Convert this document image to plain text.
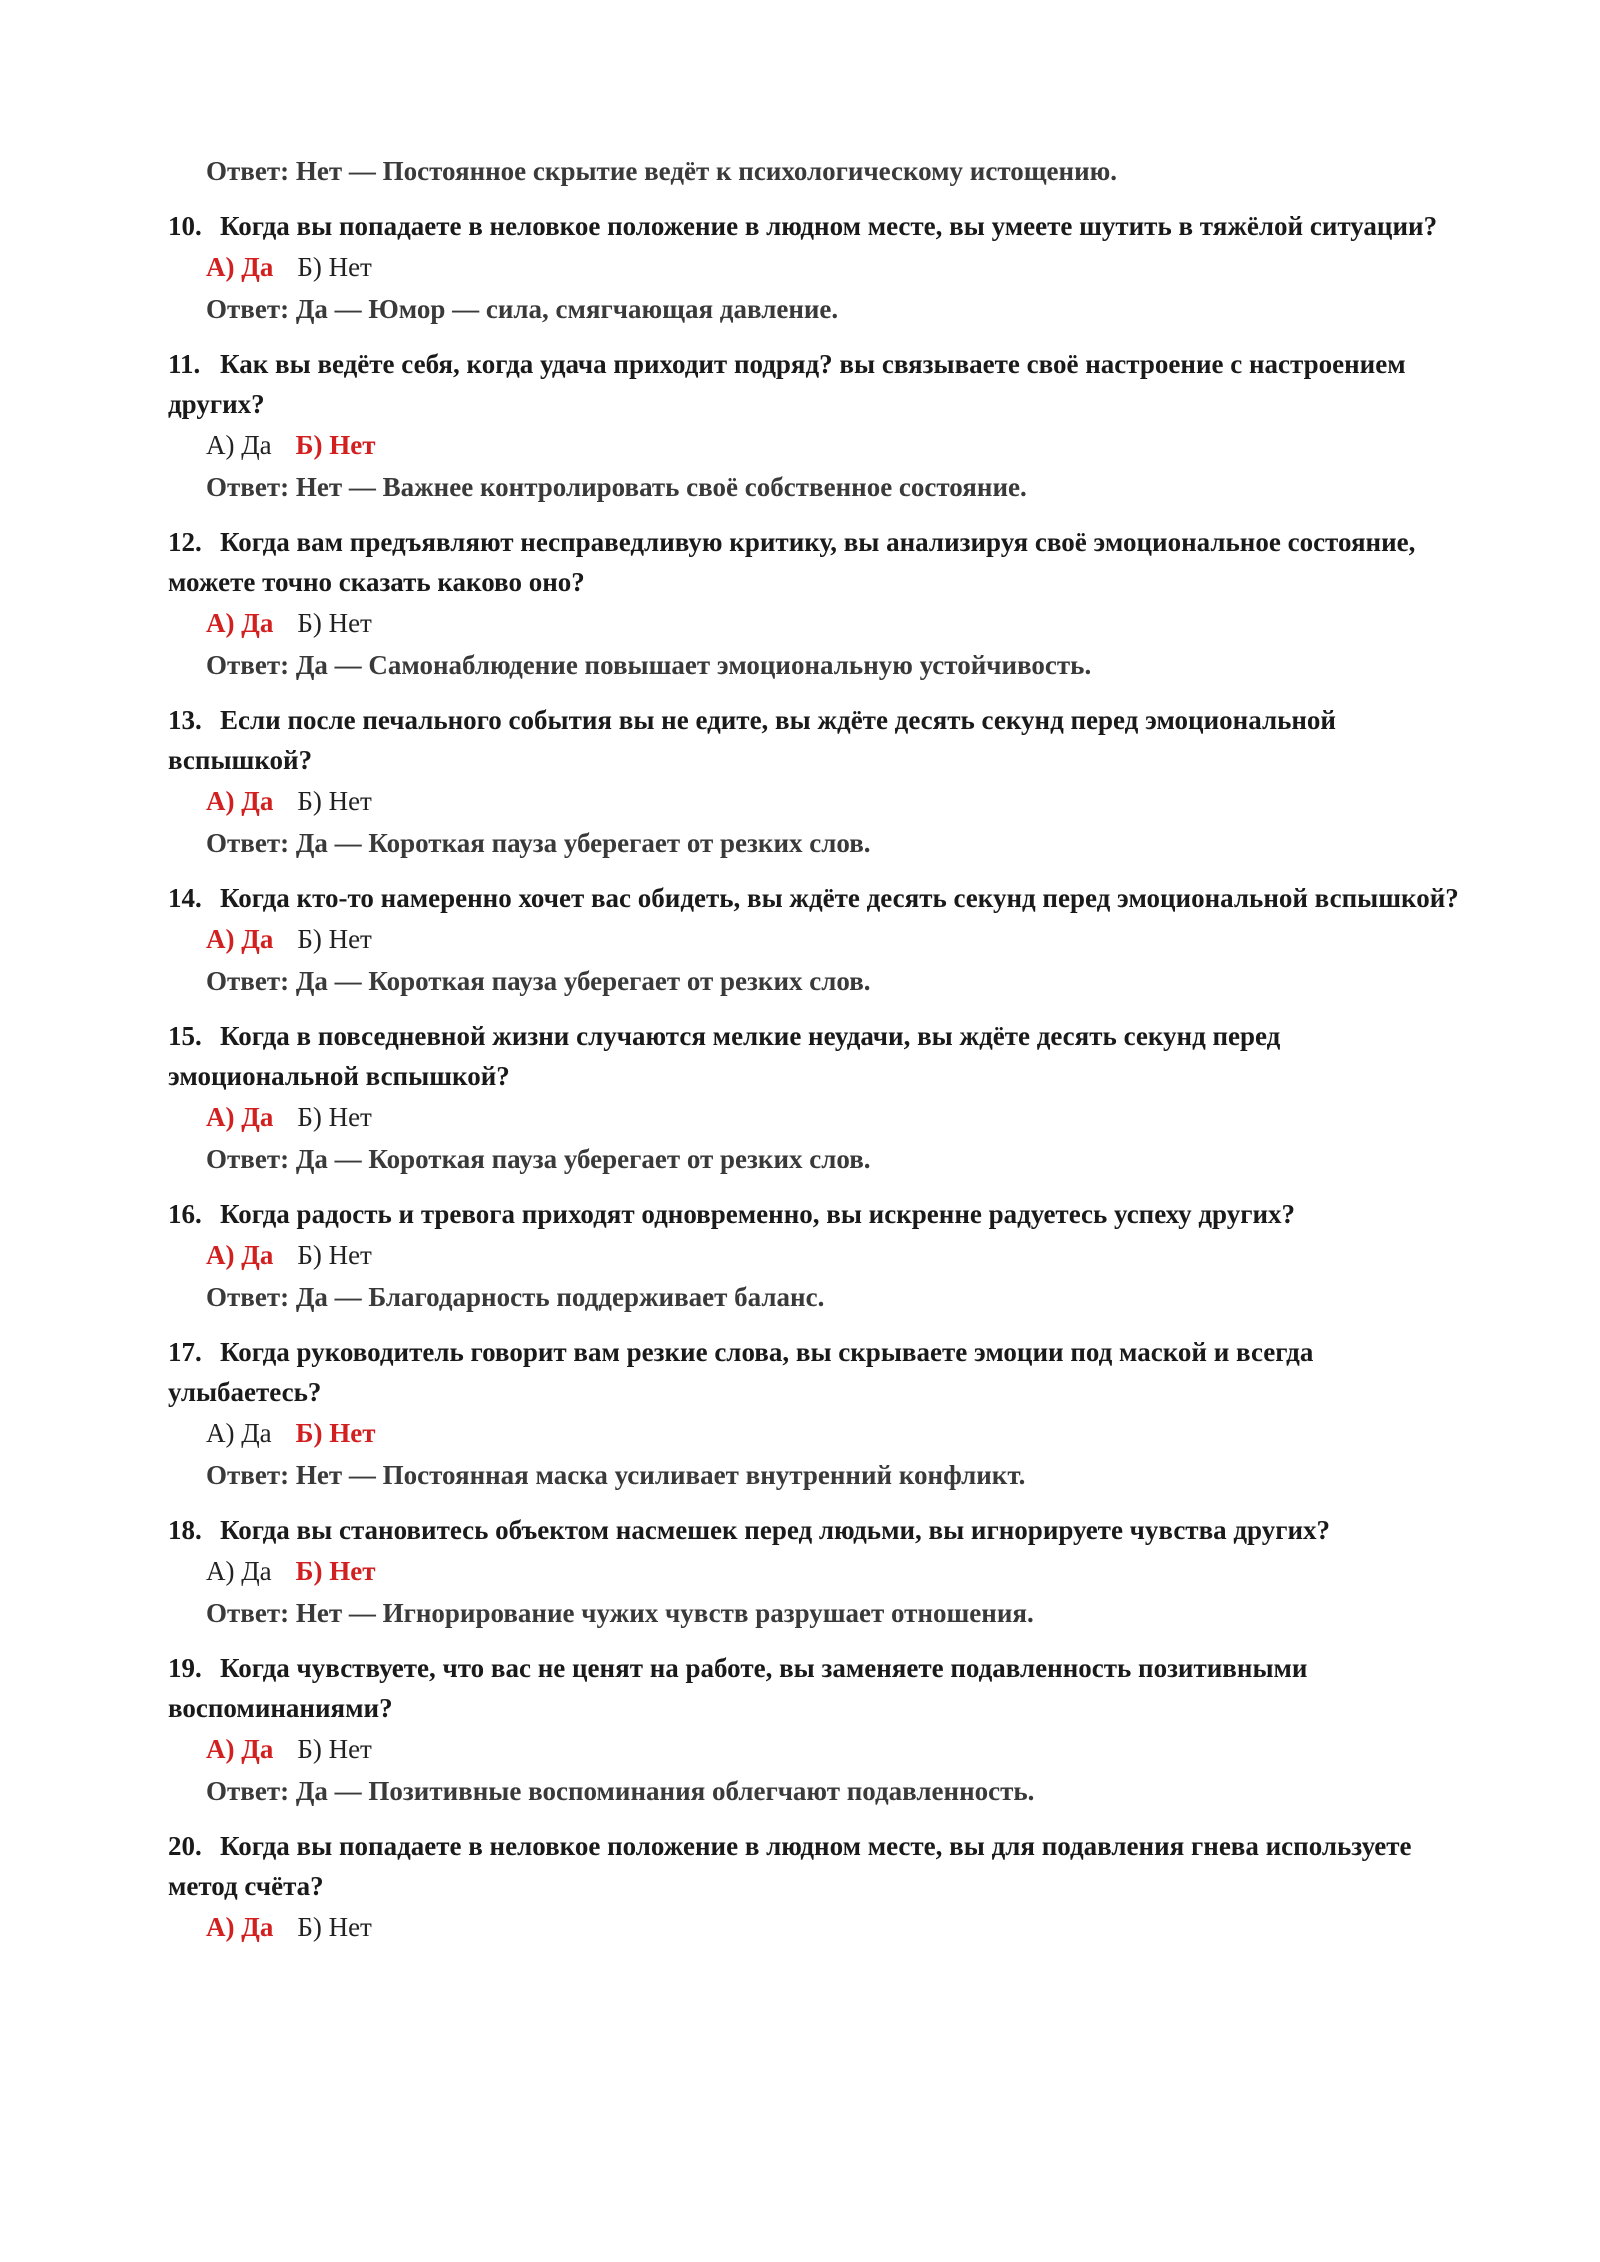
Ответ: Нет — Постоянное скрытие ведёт к психологическому истощению.
10. Когда вы попадаете в неловкое положение в людном месте, вы умеете шутить в тяжёлой ситуации?
А) Да Б) Нет
Ответ: Да — Юмор — сила, смягчающая давление.
11. Как вы ведёте себя, когда удача приходит подряд? вы связываете своё настроение с настроением других?
А) Да Б) Нет
Ответ: Нет — Важнее контролировать своё собственное состояние.
12. Когда вам предъявляют несправедливую критику, вы анализируя своё эмоциональное состояние, можете точно сказать каково оно?
А) Да Б) Нет
Ответ: Да — Самонаблюдение повышает эмоциональную устойчивость.
13. Если после печального события вы не едите, вы ждёте десять секунд перед эмоциональной вспышкой?
А) Да Б) Нет
Ответ: Да — Короткая пауза уберегает от резких слов.
14. Когда кто-то намеренно хочет вас обидеть, вы ждёте десять секунд перед эмоциональной вспышкой?
А) Да Б) Нет
Ответ: Да — Короткая пауза уберегает от резких слов.
15. Когда в повседневной жизни случаются мелкие неудачи, вы ждёте десять секунд перед эмоциональной вспышкой?
А) Да Б) Нет
Ответ: Да — Короткая пауза уберегает от резких слов.
16. Когда радость и тревога приходят одновременно, вы искренне радуетесь успеху других?
А) Да Б) Нет
Ответ: Да — Благодарность поддерживает баланс.
17. Когда руководитель говорит вам резкие слова, вы скрываете эмоции под маской и всегда улыбаетесь?
А) Да Б) Нет
Ответ: Нет — Постоянная маска усиливает внутренний конфликт.
18. Когда вы становитесь объектом насмешек перед людьми, вы игнорируете чувства других?
А) Да Б) Нет
Ответ: Нет — Игнорирование чужих чувств разрушает отношения.
19. Когда чувствуете, что вас не ценят на работе, вы заменяете подавленность позитивными воспоминаниями?
А) Да Б) Нет
Ответ: Да — Позитивные воспоминания облегчают подавленность.
20. Когда вы попадаете в неловкое положение в людном месте, вы для подавления гнева используете метод счёта?
А) Да Б) Нет
